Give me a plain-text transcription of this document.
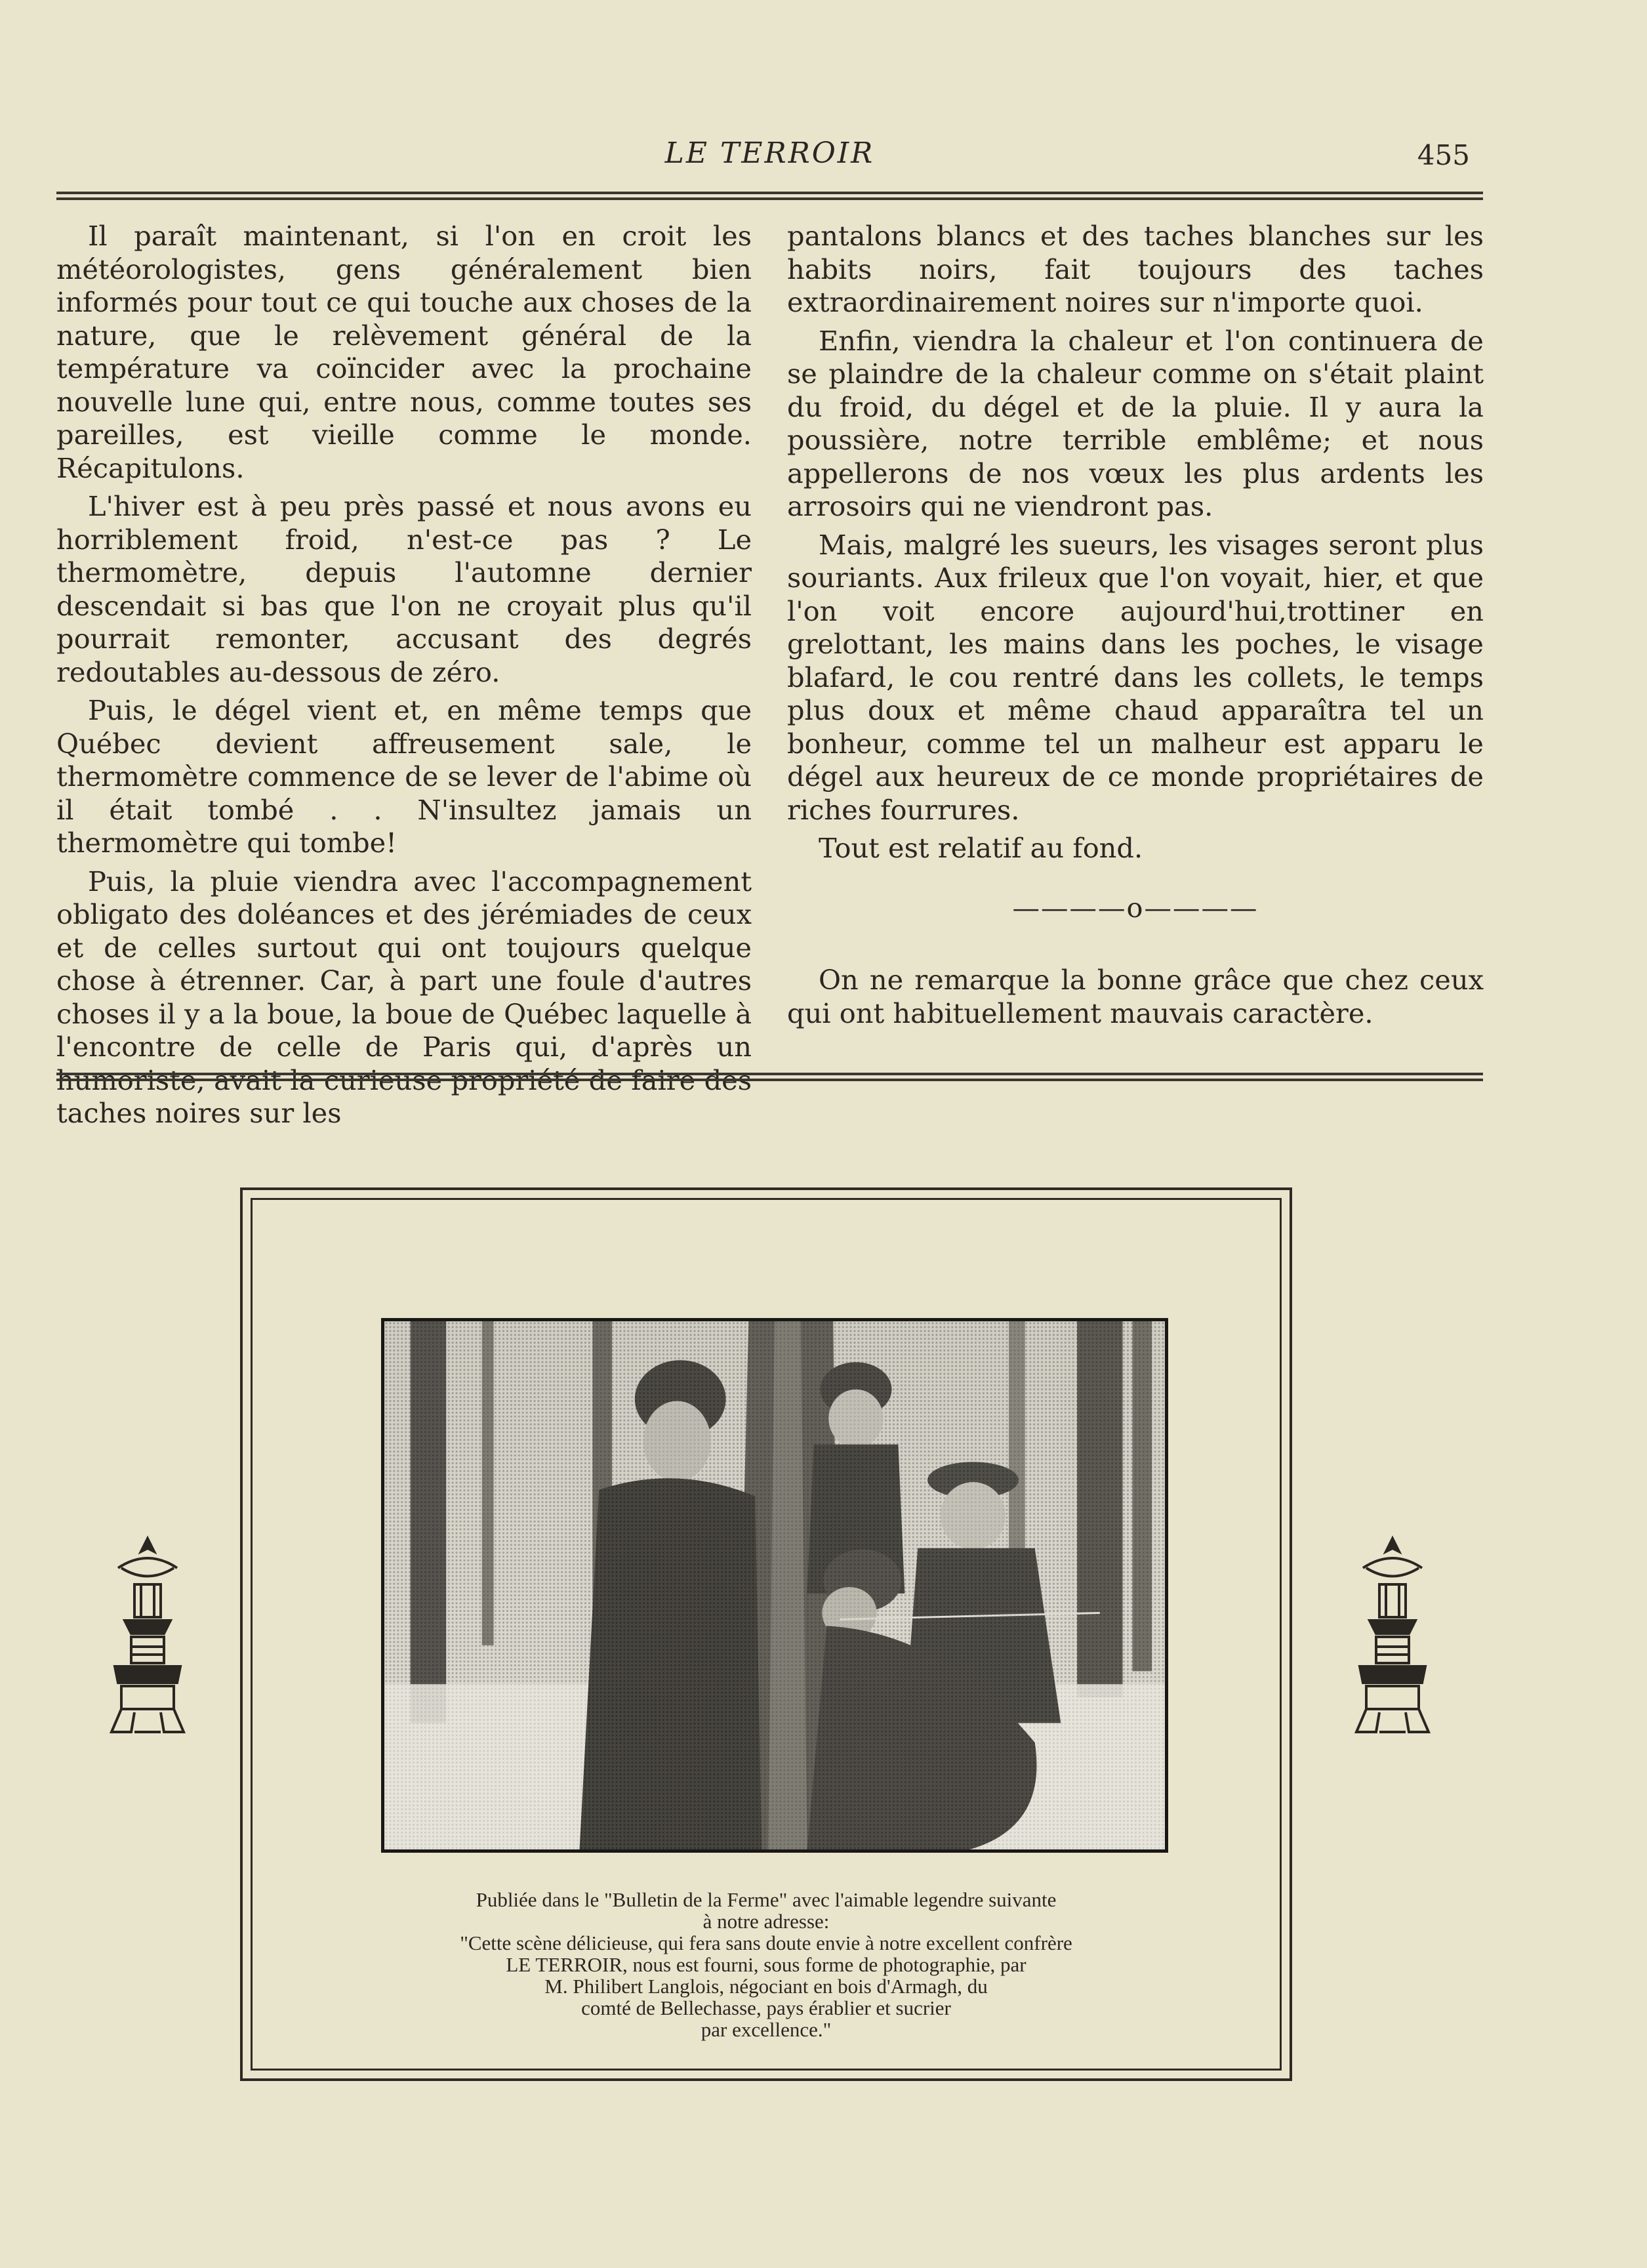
LE TERROIR	455

Il paraît maintenant, si l'on en croit les météorologistes, gens généralement bien informés pour tout ce qui touche aux choses de la nature, que le relèvement général de la température va coïncider avec la prochaine nouvelle lune qui, entre nous, comme toutes ses pareilles, est vieille comme le monde. Récapitulons.

L'hiver est à peu près passé et nous avons eu horriblement froid, n'est-ce pas ? Le thermomètre, depuis l'automne dernier descendait si bas que l'on ne croyait plus qu'il pourrait remonter, accusant des degrés redoutables au-dessous de zéro.

Puis, le dégel vient et, en même temps que Québec devient affreusement sale, le thermomètre commence de se lever de l'abime où il était tombé . . N'insultez jamais un thermomètre qui tombe!

Puis, la pluie viendra avec l'accompagnement obligato des doléances et des jérémiades de ceux et de celles surtout qui ont toujours quelque chose à étrenner. Car, à part une foule d'autres choses il y a la boue, la boue de Québec laquelle à l'encontre de celle de Paris qui, d'après un humoriste, avait la curieuse propriété de faire des taches noires sur les

pantalons blancs et des taches blanches sur les habits noirs, fait toujours des taches extraordinairement noires sur n'importe quoi.

Enfin, viendra la chaleur et l'on continuera de se plaindre de la chaleur comme on s'était plaint du froid, du dégel et de la pluie. Il y aura la poussière, notre terrible emblême; et nous appellerons de nos vœux les plus ardents les arrosoirs qui ne viendront pas.

Mais, malgré les sueurs, les visages seront plus souriants. Aux frileux que l'on voyait, hier, et que l'on voit encore aujourd'hui,trottiner en grelottant, les mains dans les poches, le visage blafard, le cou rentré dans les collets, le temps plus doux et même chaud apparaîtra tel un bonheur, comme tel un malheur est apparu le dégel aux heureux de ce monde propriétaires de riches fourrures.

Tout est relatif au fond.

————o————

On ne remarque la bonne grâce que chez ceux qui ont habituellement mauvais caractère.

Publiée dans le "Bulletin de la Ferme" avec l'aimable legendre suivante
à notre adresse:
"Cette scène délicieuse, qui fera sans doute envie à notre excellent confrère
LE TERROIR, nous est fourni, sous forme de photographie, par
M. Philibert Langlois, négociant en bois d'Armagh, du
comté de Bellechasse, pays érablier et sucrier
par excellence."
